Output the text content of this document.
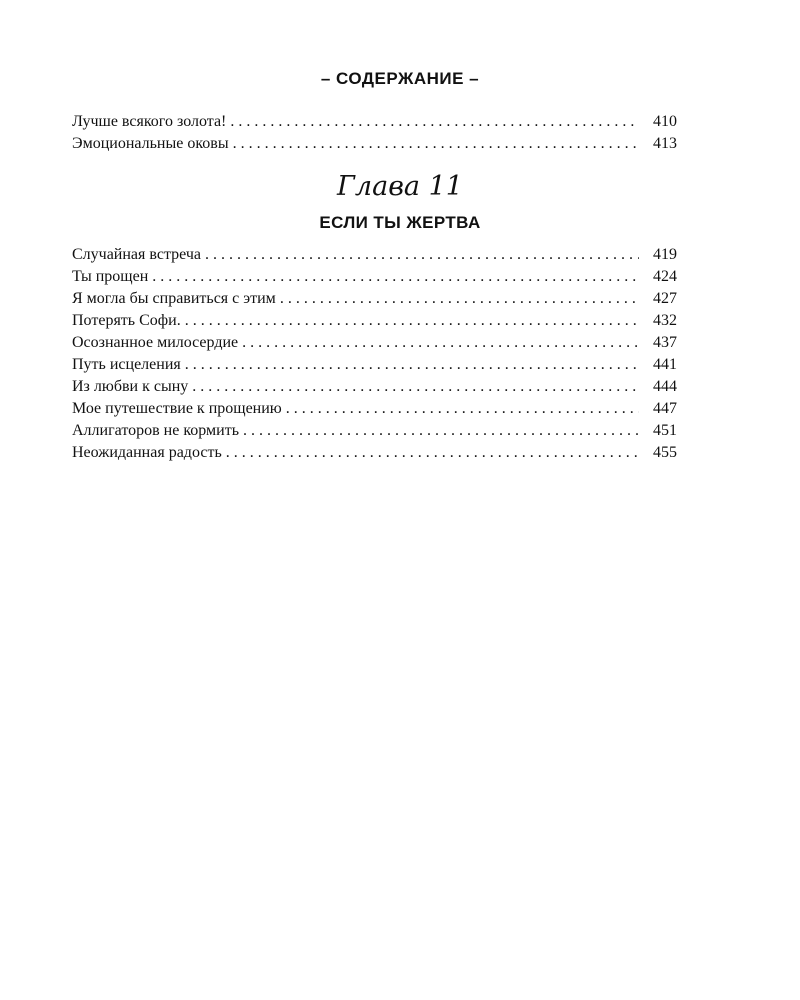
– СОДЕРЖАНИЕ –
Лучше всякого золота! . . .	410
Эмоциональные оковы . . .	413
Глава 11
ЕСЛИ ТЫ ЖЕРТВА
Случайная встреча . . .	419
Ты прощен . . .	424
Я могла бы справиться с этим . . .	427
Потерять Софи. . . .	432
Осознанное милосердие . . .	437
Путь исцеления . . .	441
Из любви к сыну . . .	444
Мое путешествие к прощению . . .	447
Аллигаторов не кормить . . .	451
Неожиданная радость . . .	455
